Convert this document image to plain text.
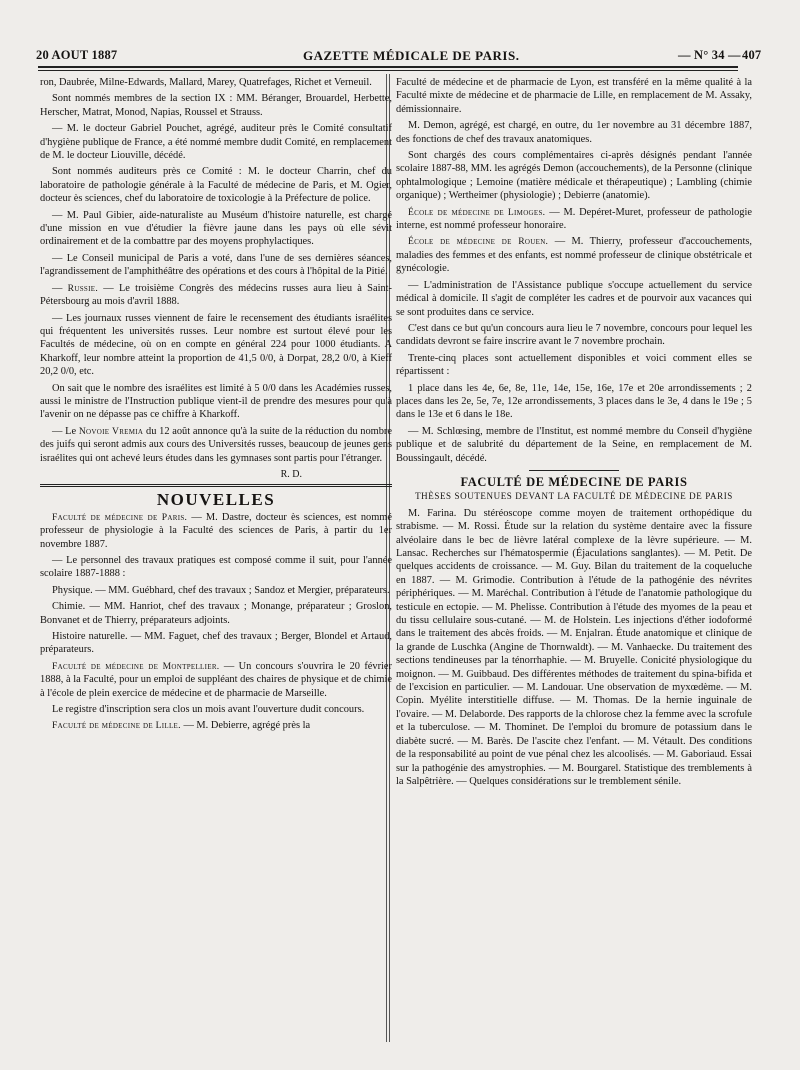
20 AOUT 1887	GAZETTE MÉDICALE DE PARIS.	— N° 34 — 407

ron, Daubrée, Milne-Edwards, Mallard, Marey, Quatrefages, Richet et Verneuil.

Sont nommés membres de la section IX : MM. Béranger, Brouardel, Herbette, Herscher, Matrat, Monod, Napias, Roussel et Strauss.

— M. le docteur Gabriel Pouchet, agrégé, auditeur près le Comité consultatif d'hygiène publique de France, a été nommé membre dudit Comité, en remplacement de M. le docteur Liouville, décédé.

Sont nommés auditeurs près ce Comité : M. le docteur Charrin, chef du laboratoire de pathologie générale à la Faculté de médecine de Paris, et M. Ogier, docteur ès sciences, chef du laboratoire de toxicologie à la Préfecture de police.

— M. Paul Gibier, aide-naturaliste au Muséum d'histoire naturelle, est chargé d'une mission en vue d'étudier la fièvre jaune dans les pays où elle sévit ordinairement et de la combattre par des moyens prophylactiques.

— Le Conseil municipal de Paris a voté, dans l'une de ses dernières séances, l'agrandissement de l'amphithéâtre des opérations et des cours à l'hôpital de la Pitié.

— Russie. — Le troisième Congrès des médecins russes aura lieu à Saint-Pétersbourg au mois d'avril 1888.

— Les journaux russes viennent de faire le recensement des étudiants israélites qui fréquentent les universités russes. Leur nombre est surtout élevé pour les Facultés de médecine, où on en compte en général 224 pour 1000 étudiants. A Kharkoff, leur nombre atteint la proportion de 41,5 0/0, à Dorpat, 28,2 0/0, à Kieff 20,2 0/0, etc.

On sait que le nombre des israélites est limité à 5 0/0 dans les Académies russes, aussi le ministre de l'Instruction publique vient-il de prendre des mesures pour qu'à l'avenir on ne dépasse pas ce chiffre à Kharkoff.

— Le Novoie Vremia du 12 août annonce qu'à la suite de la réduction du nombre des juifs qui seront admis aux cours des Universités russes, beaucoup de jeunes gens israélites qui ont achevé leurs études dans les gymnases sont partis pour l'étranger.

R. D.
NOUVELLES

Faculté de médecine de Paris. — M. Dastre, docteur ès sciences, est nommé professeur de physiologie à la Faculté des sciences de Paris, à partir du 1er novembre 1887.

— Le personnel des travaux pratiques est composé comme il suit, pour l'année scolaire 1887-1888 :

Physique. — MM. Guébhard, chef des travaux ; Sandoz et Mergier, préparateurs.

Chimie. — MM. Hanriot, chef des travaux ; Monange, préparateur ; Groslon, Bonvanet et de Thierry, préparateurs adjoints.

Histoire naturelle. — MM. Faguet, chef des travaux ; Berger, Blondel et Artaud, préparateurs.

Faculté de médecine de Montpellier. — Un concours s'ouvrira le 20 février 1888, à la Faculté, pour un emploi de suppléant des chaires de physique et de chimie à l'école de plein exercice de médecine et de pharmacie de Marseille.

Le registre d'inscription sera clos un mois avant l'ouverture dudit concours.

Faculté de médecine de Lille. — M. Debierre, agrégé près la

Faculté de médecine et de pharmacie de Lyon, est transféré en la même qualité à la Faculté mixte de médecine et de pharmacie de Lille, en remplacement de M. Assaky, démissionnaire.

M. Demon, agrégé, est chargé, en outre, du 1er novembre au 31 décembre 1887, des fonctions de chef des travaux anatomiques.

Sont chargés des cours complémentaires ci-après désignés pendant l'année scolaire 1887-88, MM. les agrégés Demon (accouchements), de la Personne (clinique ophtalmologique ; Lemoine (matière médicale et thérapeutique) ; Lambling (chimie organique) ; Wertheimer (physiologie) ; Debierre (anatomie).

École de médecine de Limoges. — M. Depéret-Muret, professeur de pathologie interne, est nommé professeur honoraire.

École de médecine de Rouen. — M. Thierry, professeur d'accouchements, maladies des femmes et des enfants, est nommé professeur de clinique obstétricale et gynécologie.

— L'administration de l'Assistance publique s'occupe actuellement du service médical à domicile. Il s'agit de compléter les cadres et de pourvoir aux vacances qui se sont produites dans ce service.

C'est dans ce but qu'un concours aura lieu le 7 novembre, concours pour lequel les candidats devront se faire inscrire avant le 7 novembre prochain.

Trente-cinq places sont actuellement disponibles et voici comment elles se répartissent :

1 place dans les 4e, 6e, 8e, 11e, 14e, 15e, 16e, 17e et 20e arrondissements ; 2 places dans les 2e, 5e, 7e, 12e arrondissements, 3 places dans le 3e, 4 dans le 19e ; 5 dans le 13e et 6 dans le 18e.

— M. Schlœsing, membre de l'Institut, est nommé membre du Conseil d'hygiène publique et de salubrité du département de la Seine, en remplacement de M. Boussingault, décédé.

FACULTÉ DE MÉDECINE DE PARIS
THÈSES SOUTENUES DEVANT LA FACULTÉ DE MÉDECINE DE PARIS

M. Farina. Du stéréoscope comme moyen de traitement orthopédique du strabisme. — M. Rossi. Étude sur la relation du système dentaire avec la fissure alvéolaire dans le bec de lièvre latéral complexe de la lèvre supérieure. — M. Lansac. Recherches sur l'hématospermie (Éjaculations sanglantes). — M. Petit. De quelques accidents de croissance. — M. Guy. Bilan du traitement de la coqueluche en 1887. — M. Grimodie. Contribution à l'étude de la pathogénie des névrites périphériques. — M. Maréchal. Contribution à l'étude de l'anatomie pathologique du testicule en ectopie. — M. Phelisse. Contribution à l'étude des myomes de la peau et du tissu cellulaire sous-cutané. — M. de Holstein. Les injections d'éther iodoformé dans le traitement des abcès froids. — M. Enjalran. Étude anatomique et clinique de la grande de Luschka (Angine de Thornwaldt). — M. Vanhaecke. Du traitement des sections tendineuses par la ténorrhaphie. — M. Bruyelle. Conicité physiologique du moignon. — M. Guibbaud. Des différentes méthodes de traitement du spina-bifida et de l'excision en particulier. — M. Landouar. Une observation de myxœdème. — M. Copin. Myélite interstitielle diffuse. — M. Thomas. De la hernie inguinale de l'ovaire. — M. Delaborde. Des rapports de la chlorose chez la femme avec la scrofule et la tuberculose. — M. Thominet. De l'emploi du bromure de potassium dans le diabète sucré. — M. Barès. De l'ascite chez l'enfant. — M. Vétault. Des conditions de la responsabilité au point de vue pénal chez les alcoolisés. — M. Gaboriaud. Essai sur la pathogénie des amystrophies. — M. Bourgarel. Statistique des tremblements à la Salpêtrière. — Quelques considérations sur le tremblement sénile.
